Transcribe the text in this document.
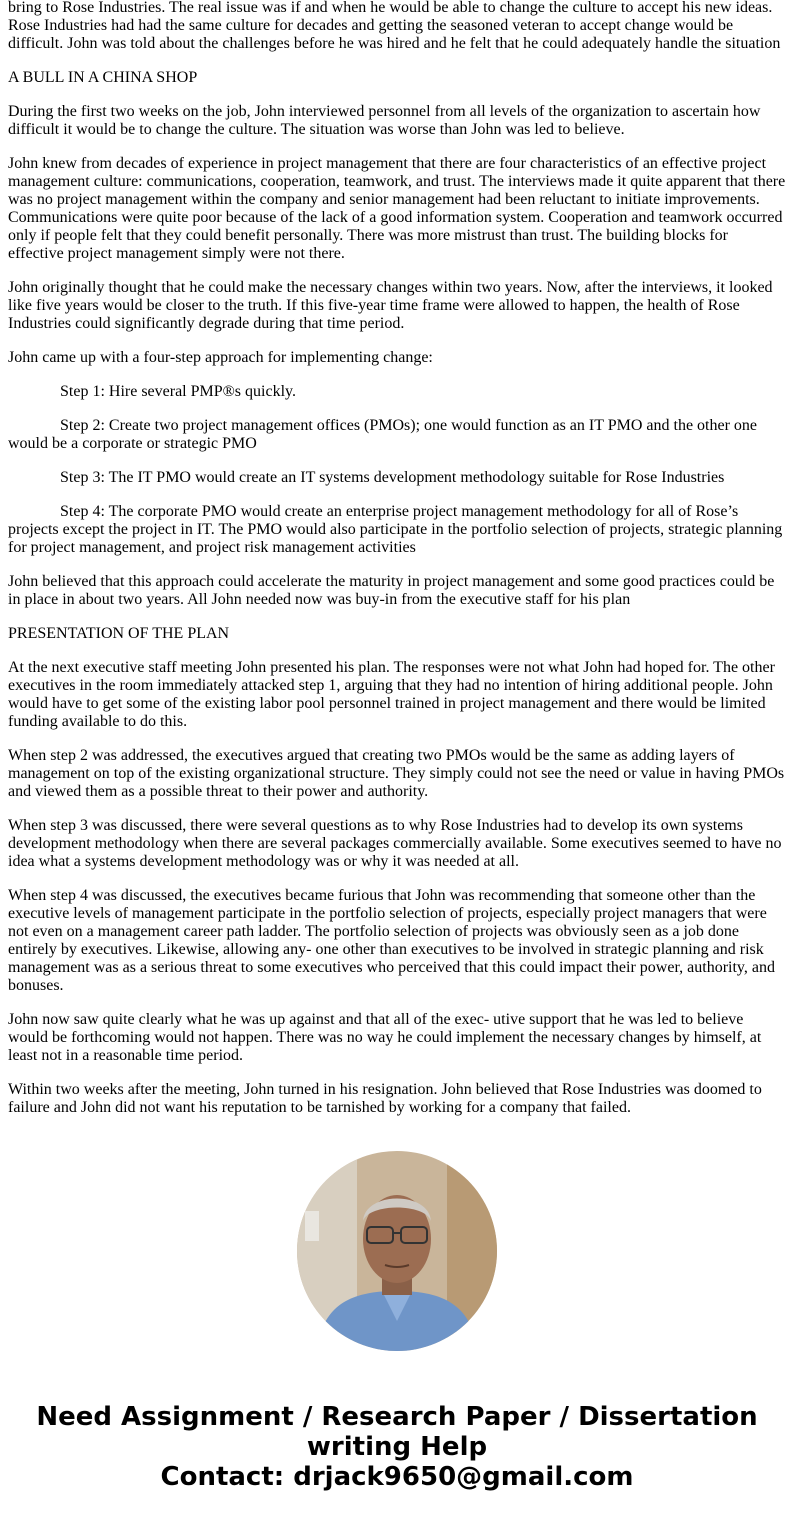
bring to Rose Industries. The real issue was if and when he would be able to change the culture to accept his new ideas. Rose Industries had had the same culture for decades and getting the seasoned veteran to accept change would be difficult. John was told about the challenges before he was hired and he felt that he could adequately handle the situation

A BULL IN A CHINA SHOP

During the first two weeks on the job, John interviewed personnel from all levels of the organization to ascertain how difficult it would be to change the culture. The situation was worse than John was led to believe.

John knew from decades of experience in project management that there are four characteristics of an effective project management culture: communications, cooperation, teamwork, and trust. The interviews made it quite apparent that there was no project management within the company and senior management had been reluctant to initiate improvements. Communications were quite poor because of the lack of a good information system. Cooperation and teamwork occurred only if people felt that they could benefit personally. There was more mistrust than trust. The building blocks for effective project management simply were not there.

John originally thought that he could make the necessary changes within two years. Now, after the interviews, it looked like five years would be closer to the truth. If this five-year time frame were allowed to happen, the health of Rose Industries could significantly degrade during that time period.

John came up with a four-step approach for implementing change:

Step 1: Hire several PMP®s quickly.

Step 2: Create two project management offices (PMOs); one would function as an IT PMO and the other one would be a corporate or strategic PMO

Step 3: The IT PMO would create an IT systems development methodology suitable for Rose Industries

Step 4: The corporate PMO would create an enterprise project management methodology for all of Rose’s projects except the project in IT. The PMO would also participate in the portfolio selection of projects, strategic planning for project management, and project risk management activities

John believed that this approach could accelerate the maturity in project management and some good practices could be in place in about two years. All John needed now was buy-in from the executive staff for his plan

PRESENTATION OF THE PLAN

At the next executive staff meeting John presented his plan. The responses were not what John had hoped for. The other executives in the room immediately attacked step 1, arguing that they had no intention of hiring additional people. John would have to get some of the existing labor pool personnel trained in project management and there would be limited funding available to do this.

When step 2 was addressed, the executives argued that creating two PMOs would be the same as adding layers of management on top of the existing organizational structure. They simply could not see the need or value in having PMOs and viewed them as a possible threat to their power and authority.

When step 3 was discussed, there were several questions as to why Rose Industries had to develop its own systems development methodology when there are several packages commercially available. Some executives seemed to have no idea what a systems development methodology was or why it was needed at all.

When step 4 was discussed, the executives became furious that John was recommending that someone other than the executive levels of management participate in the portfolio selection of projects, especially project managers that were not even on a management career path ladder. The portfolio selection of projects was obviously seen as a job done entirely by executives. Likewise, allowing any- one other than executives to be involved in strategic planning and risk management was as a serious threat to some executives who perceived that this could impact their power, authority, and bonuses.

John now saw quite clearly what he was up against and that all of the exec- utive support that he was led to believe would be forthcoming would not happen. There was no way he could implement the necessary changes by himself, at least not in a reasonable time period.

Within two weeks after the meeting, John turned in his resignation. John believed that Rose Industries was doomed to failure and John did not want his reputation to be tarnished by working for a company that failed.

Need Assignment / Research Paper / Dissertation writing Help
Contact: drjack9650@gmail.com
